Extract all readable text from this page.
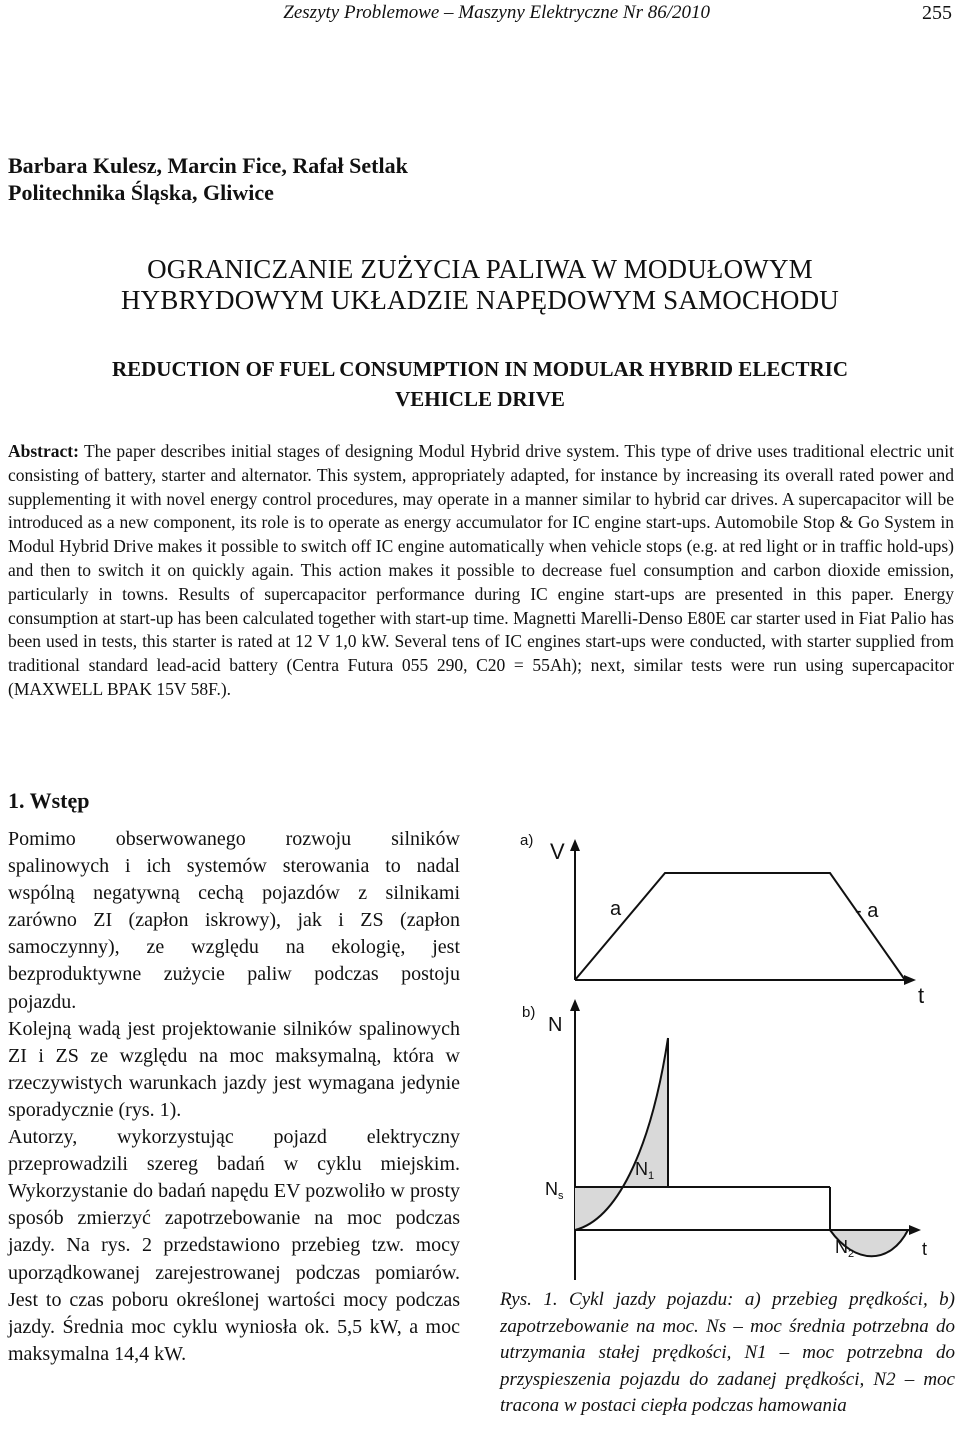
Zeszyty Problemowe – Maszyny Elektryczne Nr 86/2010	255
Barbara Kulesz, Marcin Fice, Rafał Setlak
Politechnika Śląska, Gliwice
OGRANICZANIE ZUŻYCIA PALIWA W MODUŁOWYM
HYBRYDOWYM UKŁADZIE NAPĘDOWYM SAMOCHODU
REDUCTION OF FUEL CONSUMPTION IN MODULAR HYBRID ELECTRIC
VEHICLE DRIVE
Abstract: The paper describes initial stages of designing Modul Hybrid drive system. This type of drive uses traditional electric unit consisting of battery, starter and alternator. This system, appropriately adapted, for instance by increasing its overall rated power and supplementing it with novel energy control procedures, may operate in a manner similar to hybrid car drives. A supercapacitor will be introduced as a new component, its role is to operate as energy accumulator for IC engine start-ups. Automobile Stop & Go System in Modul Hybrid Drive makes it possible to switch off IC engine automatically when vehicle stops (e.g. at red light or in traffic hold-ups) and then to switch it on quickly again. This action makes it possible to decrease fuel consumption and carbon dioxide emission, particularly in towns. Results of supercapacitor performance during IC engine start-ups are presented in this paper. Energy consumption at start-up has been calculated together with start-up time. Magnetti Marelli-Denso E80E car starter used in Fiat Palio has been used in tests, this starter is rated at 12 V 1,0 kW. Several tens of IC engines start-ups were conducted, with starter supplied from traditional standard lead-acid battery (Centra Futura 055 290, C20 = 55Ah); next, similar tests were run using supercapacitor (MAXWELL BPAK 15V 58F.).
1. Wstęp

Pomimo obserwowanego rozwoju silników spalinowych i ich systemów sterowania to nadal wspólną negatywną cechą pojazdów z silnikami zarówno ZI (zapłon iskrowy), jak i ZS (zapłon samoczynny), ze względu na ekologię, jest bezproduktywne zużycie paliw podczas postoju pojazdu.

Kolejną wadą jest projektowanie silników spalinowych ZI i ZS ze względu na moc maksymalną, która w rzeczywistych warunkach jazdy jest wymagana jedynie sporadycznie (rys. 1).

Autorzy, wykorzystując pojazd elektryczny przeprowadzili szereg badań w cyklu miejskim. Wykorzystanie do badań napędu EV pozwoliło w prosty sposób zmierzyć zapotrzebowanie na moc podczas jazdy. Na rys. 2 przedstawiono przebieg tzw. mocy uporządkowanej zarejestrowanej podczas pomiarów. Jest to czas poboru określonej wartości mocy podczas jazdy. Średnia moc cyklu wyniosła ok. 5,5 kW, a moc maksymalna 14,4 kW.

a) V
a	- a
t
b)
N
$N_s$
$N_1$
$N_2$	t
Rys. 1. Cykl jazdy pojazdu: a) przebieg prędkości, b) zapotrzebowanie na moc. Ns – moc średnia potrzebna do utrzymania stałej prędkości, N1 – moc potrzebna do przyspieszenia pojazdu do zadanej prędkości, N2 – moc tracona w postaci ciepła podczas hamowania
